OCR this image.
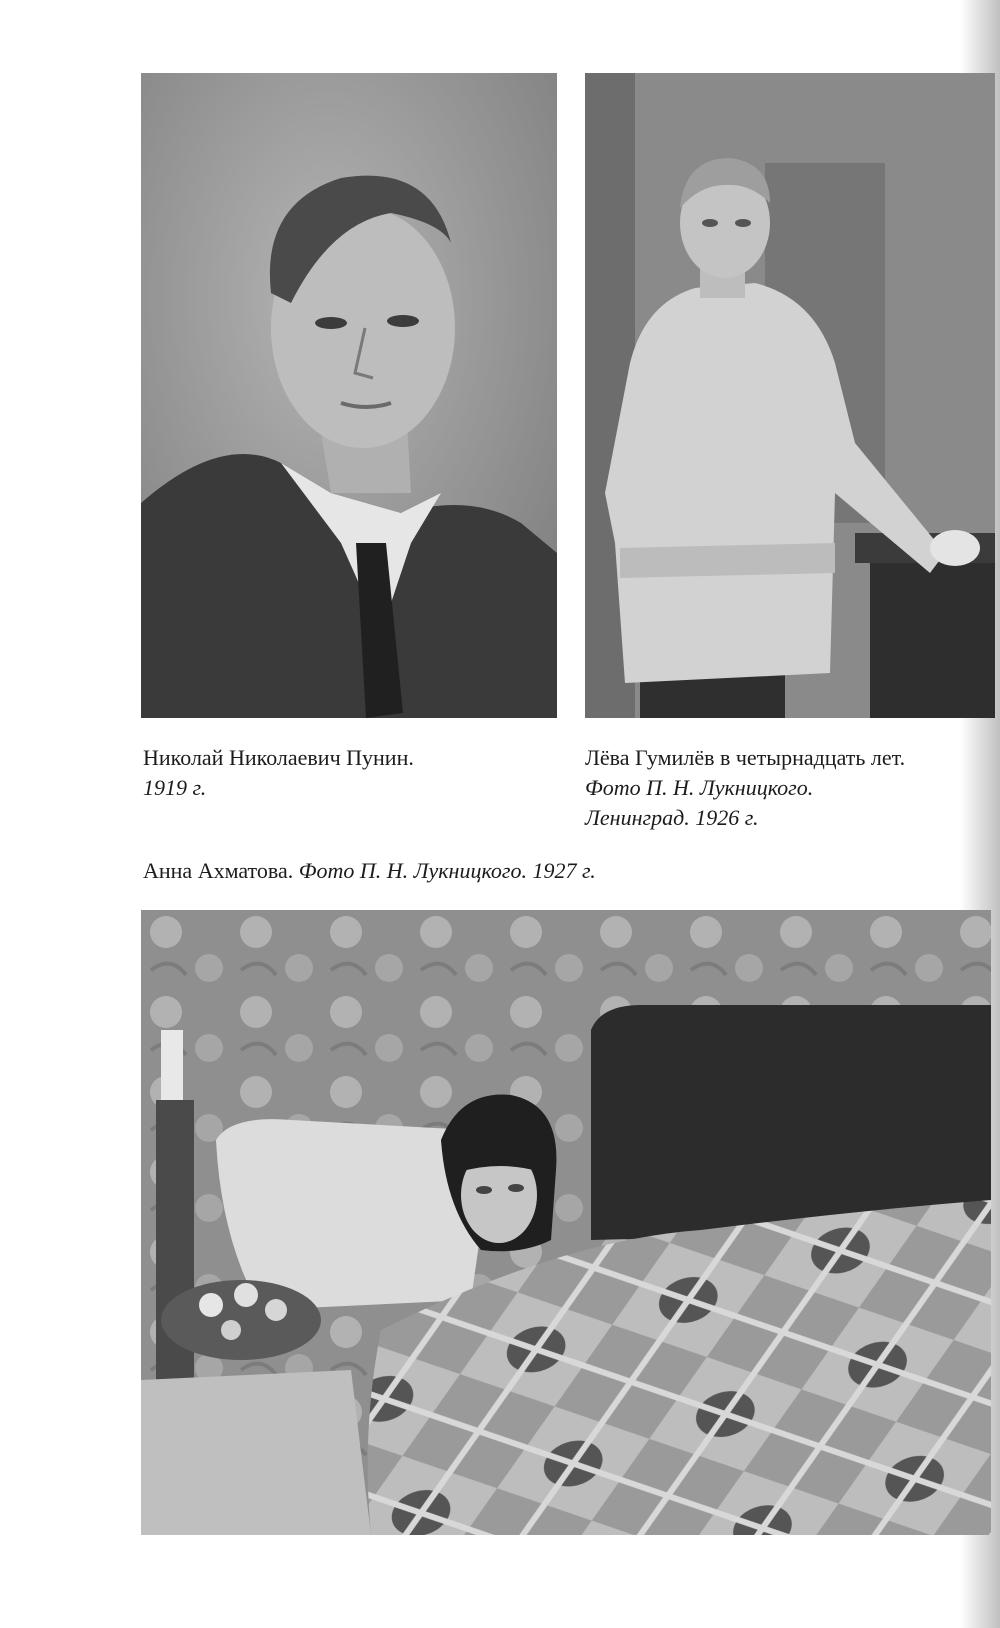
Николай Николаевич Пунин.
1919 г.
Лёва Гумилёв в четырнадцать лет.
Фото П. Н. Лукницкого.
Ленинград. 1926 г.
Анна Ахматова. Фото П. Н. Лукницкого. 1927 г.
